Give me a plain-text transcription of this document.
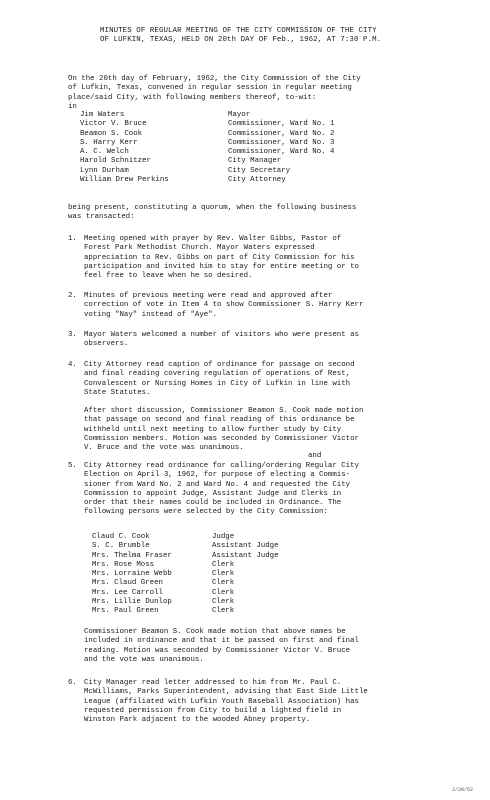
MINUTES OF REGULAR MEETING OF THE CITY COMMISSION OF THE CITY
OF LUFKIN, TEXAS, HELD ON 20th DAY OF Feb., 1962, AT 7:30 P.M.
On the 20th day of February, 1962, the City Commission of the City
of Lufkin, Texas, convened in regular session in regular meeting
place/said City, with following members thereof, to-wit:
in
Jim Waters	Mayor
Victor V. Bruce	Commissioner, Ward No. 1
Beamon S. Cook	Commissioner, Ward No. 2
S. Harry Kerr	Commissioner, Ward No. 3
A. C. Welch	Commissioner, Ward No. 4
Harold Schnitzer	City Manager
Lynn Durham	City Secretary
William Drew Perkins	City Attorney
being present, constituting a quorum, when the following business
was transacted:
1. Meeting opened with prayer by Rev. Walter Gibbs, Pastor of
Forest Park Methodist Church. Mayor Waters expressed
appreciation to Rev. Gibbs on part of City Commission for his
participation and invited him to stay for entire meeting or to
feel free to leave when he so desired.
2. Minutes of previous meeting were read and approved after
correction of vote in Item 4 to show Commissioner S. Harry Kerr
voting "Nay" instead of "Aye".
3. Mayor Waters welcomed a number of visitors who were present as
observers.
4. City Attorney read caption of ordinance for passage on second
and final reading covering regulation of operations of Rest,
Convalescent or Nursing Homes in City of Lufkin in line with
State Statutes.
After short discussion, Commissioner Beamon S. Cook made motion
that passage on second and final reading of this ordinance be
withheld until next meeting to allow further study by City
Commission members. Motion was seconded by Commissioner Victor
V. Bruce and the vote was unanimous.
and
5. City Attorney read ordinance for calling/ordering Regular City
Election on April 3, 1962, for purpose of electing a Commis-
sioner from Ward No. 2 and Ward No. 4 and requested the City
Commission to appoint Judge, Assistant Judge and Clerks in
order that their names could be included in Ordinance. The
following persons were selected by the City Commission:
Claud C. Cook	Judge
S. C. Brumble	Assistant Judge
Mrs. Thelma Fraser	Assistant Judge
Mrs. Rose Moss	Clerk
Mrs. Lorraine Webb	Clerk
Mrs. Claud Green	Clerk
Mrs. Lee Carroll	Clerk
Mrs. Lillie Dunlop	Clerk
Mrs. Paul Green	Clerk
Commissioner Beamon S. Cook made motion that above names be
included in ordinance and that it be passed on first and final
reading. Motion was seconded by Commissioner Victor V. Bruce
and the vote was unanimous.
6. City Manager read letter addressed to him from Mr. Paul C.
McWilliams, Parks Superintendent, advising that East Side Little
League (affiliated with Lufkin Youth Baseball Association) has
requested permission from City to build a lighted field in
Winston Park adjacent to the wooded Abney property.
2/20/62
